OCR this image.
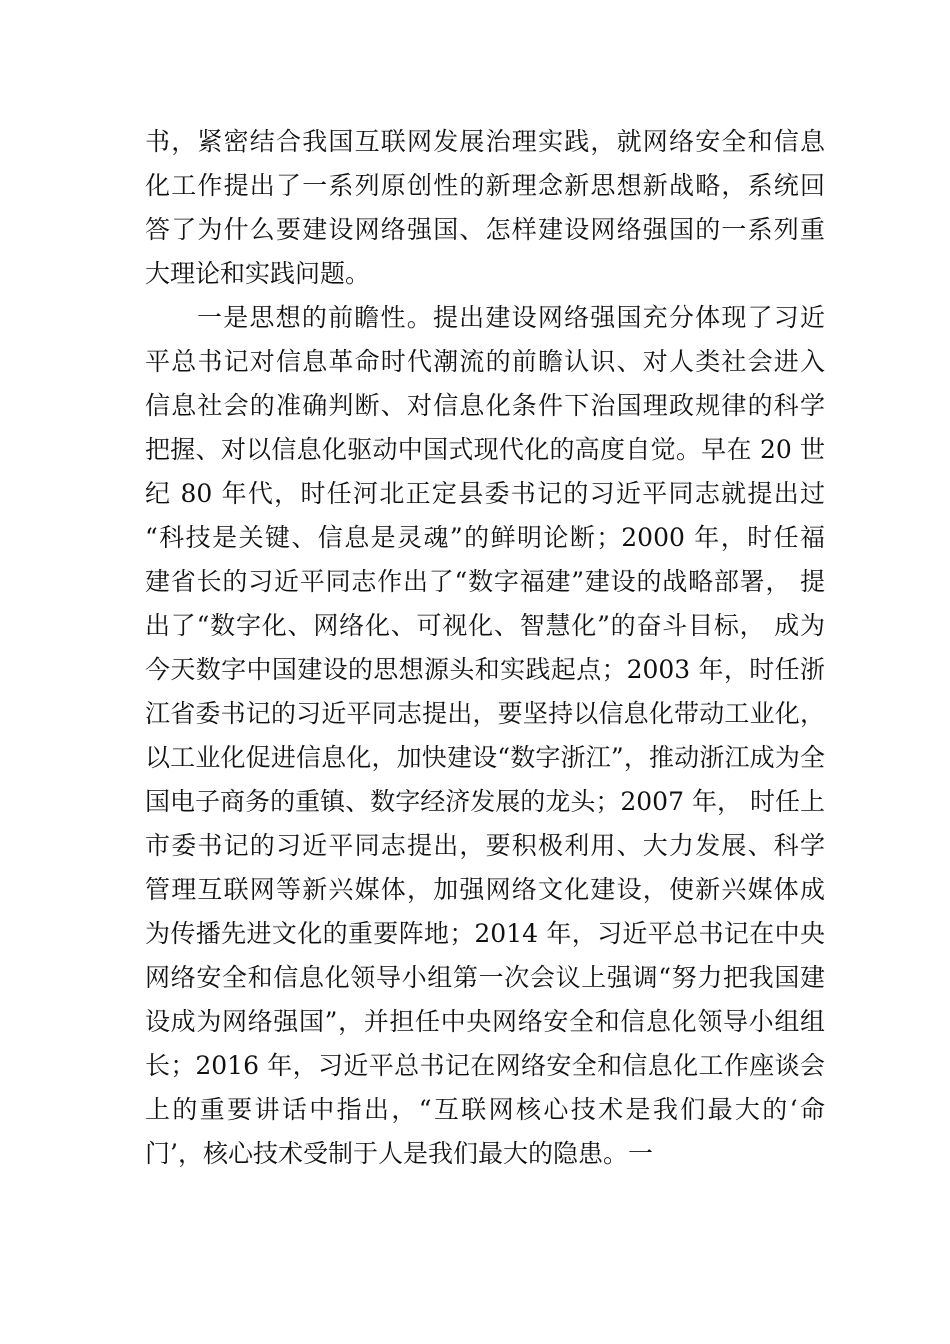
书，紧密结合我国互联网发展治理实践，就网络安全和信息
化工作提出了一系列原创性的新理念新思想新战略，系统回
答了为什么要建设网络强国、怎样建设网络强国的一系列重
大理论和实践问题。
一是思想的前瞻性。提出建设网络强国充分体现了习近
平总书记对信息革命时代潮流的前瞻认识、对人类社会进入
信息社会的准确判断、对信息化条件下治国理政规律的科学
把握、对以信息化驱动中国式现代化的高度自觉。早在 20 世
纪 80 年代，时任河北正定县委书记的习近平同志就提出过
“科技是关键、信息是灵魂”的鲜明论断；2000 年，时任福
建省长的习近平同志作出了“数字福建”建设的战略部署， 提
出了“数字化、网络化、可视化、智慧化”的奋斗目标， 成为
今天数字中国建设的思想源头和实践起点；2003 年，时任浙
江省委书记的习近平同志提出，要坚持以信息化带动工业化，
以工业化促进信息化，加快建设“数字浙江”，推动浙江成为全
国电子商务的重镇、数字经济发展的龙头；2007 年， 时任上
市委书记的习近平同志提出，要积极利用、大力发展、科学
管理互联网等新兴媒体，加强网络文化建设，使新兴媒体成
为传播先进文化的重要阵地；2014 年，习近平总书记在中央
网络安全和信息化领导小组第一次会议上强调“努力把我国建
设成为网络强国”，并担任中央网络安全和信息化领导小组组
长；2016 年，习近平总书记在网络安全和信息化工作座谈会
上的重要讲话中指出，“互联网核心技术是我们最大的‘命
门’，核心技术受制于人是我们最大的隐患。一
